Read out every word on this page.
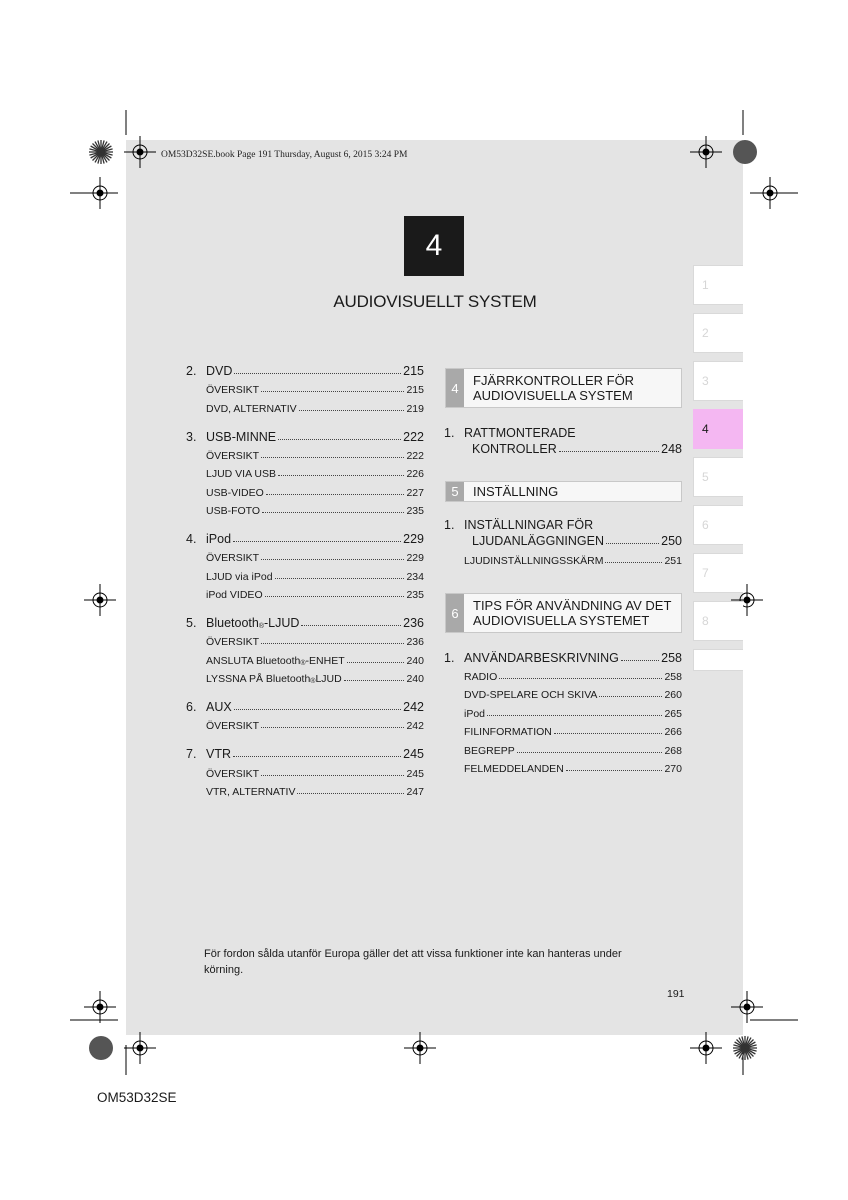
OM53D32SE.book Page 191 Thursday, August 6, 2015 3:24 PM
4
AUDIOVISUELLT SYSTEM
1
2
3
4
5
6
7
8
2. DVD	215
ÖVERSIKT	215
DVD, ALTERNATIV	219
3. USB-MINNE	222
ÖVERSIKT	222
LJUD VIA USB	226
USB-VIDEO	227
USB-FOTO	235
4. iPod	229
ÖVERSIKT	229
LJUD via iPod	234
iPod VIDEO	235
5. Bluetooth ® -LJUD	236
ÖVERSIKT	236
ANSLUTA Bluetooth ® -ENHET	240
LYSSNA PÅ Bluetooth ® LJUD	240
6. AUX	242
ÖVERSIKT	242
7. VTR	245
ÖVERSIKT	245
VTR, ALTERNATIV	247
4	FJÄRRKONTROLLER FÖR
AUDIOVISUELLA SYSTEM
1. RATTMONTERADE
KONTROLLER	248
5	INSTÄLLNING
1. INSTÄLLNINGAR FÖR
LJUDANLÄGGNINGEN	250
LJUDINSTÄLLNINGSSKÄRM	251
6	TIPS FÖR ANVÄNDNING AV DET
AUDIOVISUELLA SYSTEMET
1. ANVÄNDARBESKRIVNING	258
RADIO	258
DVD-SPELARE OCH SKIVA	260
iPod	265
FILINFORMATION	266
BEGREPP	268
FELMEDDELANDEN	270
För fordon sålda utanför Europa gäller det att vissa funktioner inte kan hanteras under
körning.
191
OM53D32SE
